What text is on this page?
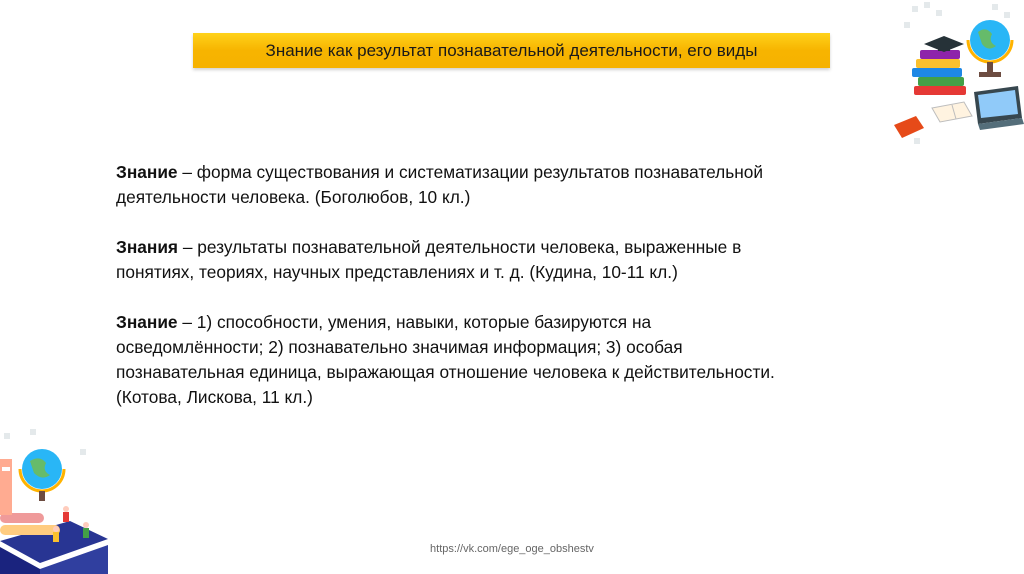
Знание как результат познавательной деятельности, его виды

Знание – форма существования и систематизации результатов познавательной
деятельности человека. (Боголюбов, 10 кл.)

Знания – результаты познавательной деятельности человека, выраженные в
понятиях, теориях, научных представлениях и т. д. (Кудина, 10-11 кл.)

Знание – 1) способности, умения, навыки, которые базируются на
осведомлённости; 2) познавательно значимая информация; 3) особая
познавательная единица, выражающая отношение человека к действительности.
(Котова, Лискова, 11 кл.)

https://vk.com/ege_oge_obshestv
